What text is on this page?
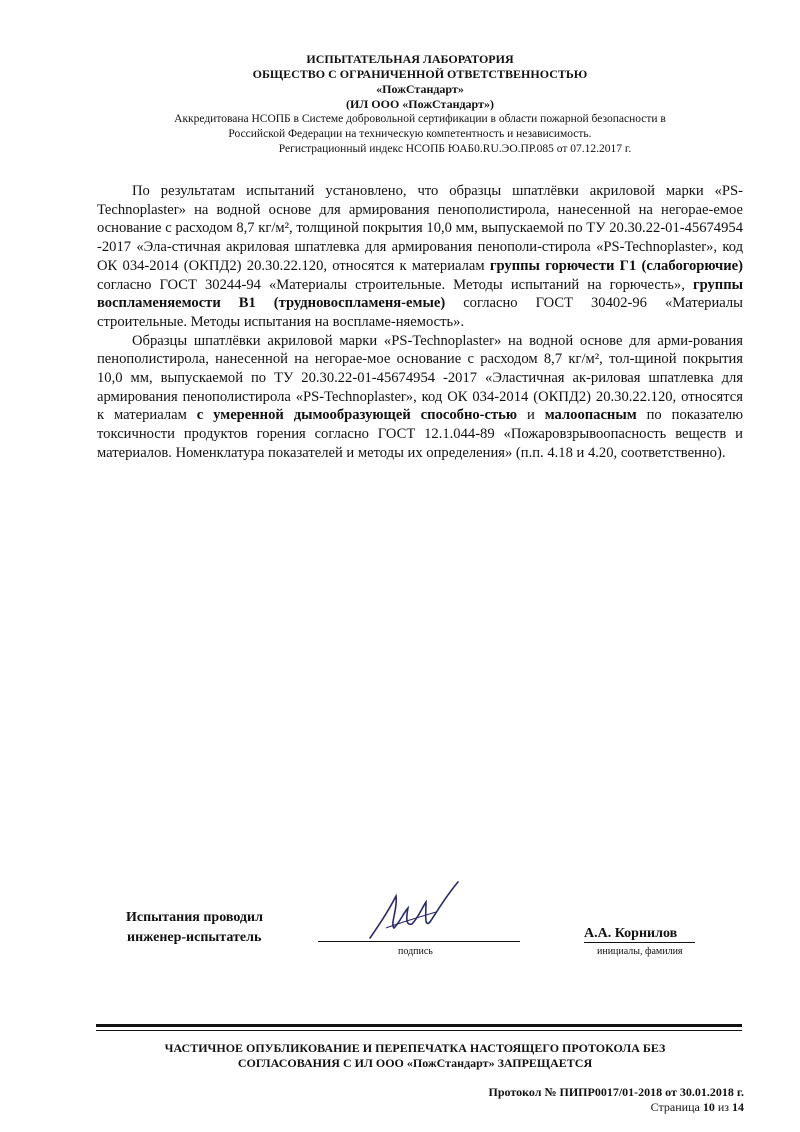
ИСПЫТАТЕЛЬНАЯ ЛАБОРАТОРИЯ
ОБЩЕСТВО С ОГРАНИЧЕННОЙ ОТВЕТСТВЕННОСТЬЮ
«ПожСтандарт»
(ИЛ ООО «ПожСтандарт»)
Аккредитована НСОПБ в Системе добровольной сертификации в области пожарной безопасности в
Российской Федерации на техническую компетентность и независимость.
Регистрационный индекс НСОПБ ЮАБ0.RU.ЭО.ПР.085 от 07.12.2017 г.

По результатам испытаний установлено, что образцы шпатлёвки акриловой марки «PS-Technoplaster» на водной основе для армирования пенополистирола, нанесенной на негорае-емое основание с расходом 8,7 кг/м², толщиной покрытия 10,0 мм, выпускаемой по ТУ 20.30.22-01-45674954 -2017 «Эла-стичная акриловая шпатлевка для армирования пенополи-стирола «PS-Technoplaster», код ОК 034-2014 (ОКПД2) 20.30.22.120, относятся к материалам группы горючести Г1 (слабогорючие) согласно ГОСТ 30244-94 «Материалы строительные. Методы испытаний на горючесть», группы воспламеняемости В1 (трудновоспламеня-емые) согласно ГОСТ 30402-96 «Материалы строительные. Методы испытания на воспламе-няемость».

Образцы шпатлёвки акриловой марки «PS-Technoplaster» на водной основе для арми-рования пенополистирола, нанесенной на негорае-мое основание с расходом 8,7 кг/м², тол-щиной покрытия 10,0 мм, выпускаемой по ТУ 20.30.22-01-45674954 -2017 «Эластичная ак-риловая шпатлевка для армирования пенополистирола «PS-Technoplaster», код ОК 034-2014 (ОКПД2) 20.30.22.120, относятся к материалам с умеренной дымообразующей способно-стью и малоопасным по показателю токсичности продуктов горения согласно ГОСТ 12.1.044-89 «Пожаровзрывоопасность веществ и материалов. Номенклатура показателей и методы их определения» (п.п. 4.18 и 4.20, соответственно).

Испытания проводил
инженер-испытатель
подпись
А.А. Корнилов
инициалы, фамилия
ЧАСТИЧНОЕ ОПУБЛИКОВАНИЕ И ПЕРЕПЕЧАТКА НАСТОЯЩЕГО ПРОТОКОЛА БЕЗ
СОГЛАСОВАНИЯ С ИЛ ООО «ПожСтандарт» ЗАПРЕЩАЕТСЯ
Протокол № ПИПР0017/01-2018 от 30.01.2018 г.
Страница 10 из 14
